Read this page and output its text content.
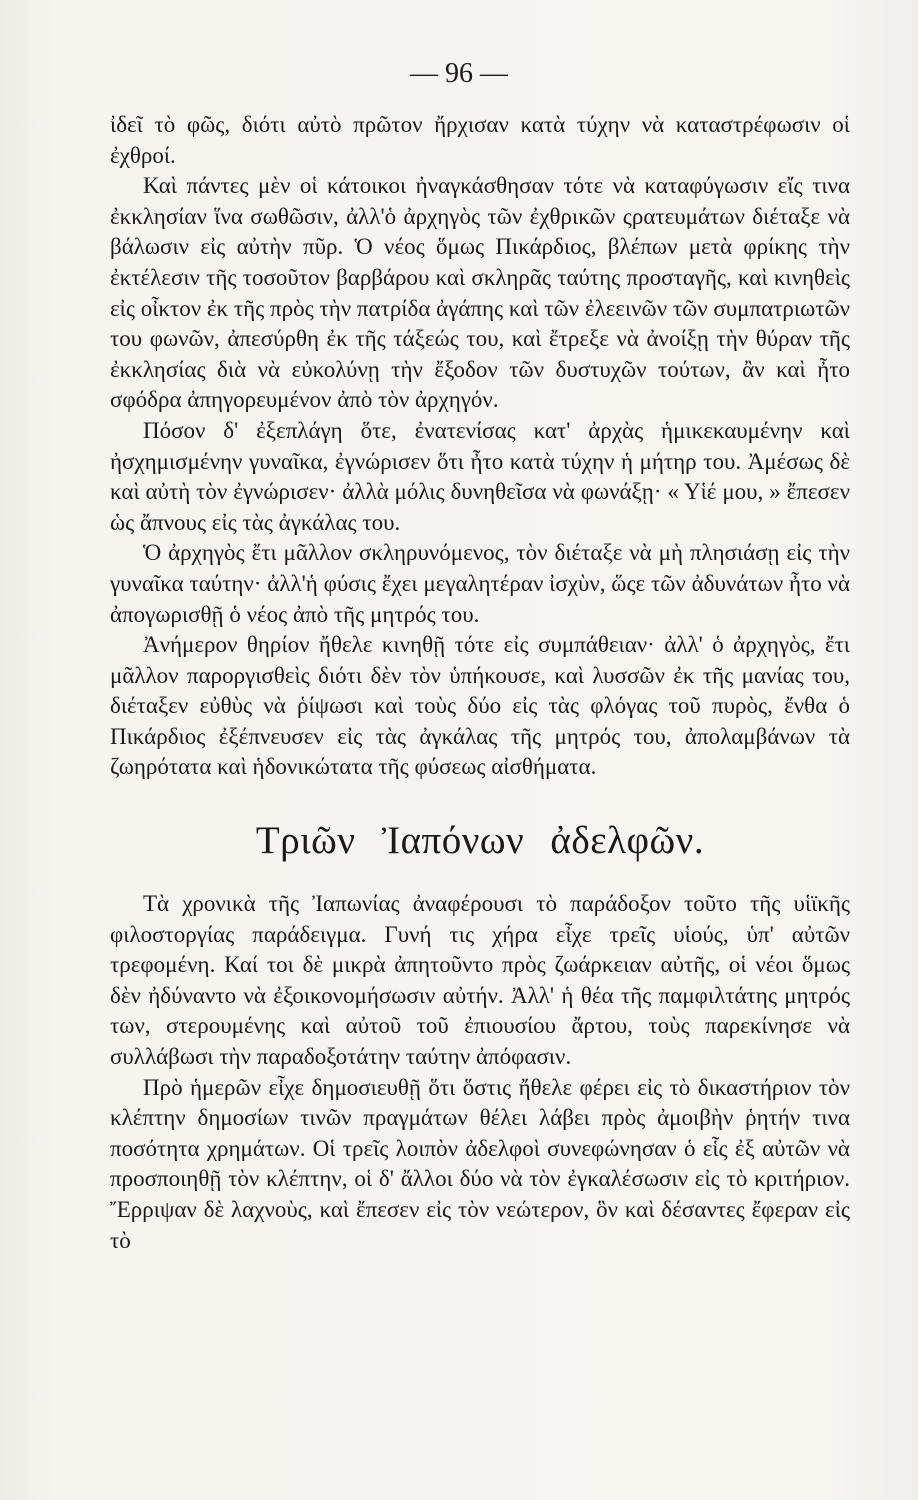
— 96 —

ἰδεῖ τὸ φῶς, διότι αὐτὸ πρῶτον ἤρχισαν κατὰ τύχην νὰ καταστρέφωσιν οἱ ἐχθροί.

Καὶ πάντες μὲν οἱ κάτοικοι ἠναγκάσθησαν τότε νὰ καταφύγωσιν εἴς τινα ἐκκλησίαν ἵνα σωθῶσιν, ἀλλ'ὁ ἀρχηγὸς τῶν ἐχθρικῶν ςρατευμάτων διέταξε νὰ βάλωσιν εἰς αὐτὴν πῦρ. Ὁ νέος ὅμως Πικάρδιος, βλέπων μετὰ φρίκης τὴν ἐκτέλεσιν τῆς τοσοῦτον βαρβάρου καὶ σκληρᾶς ταύτης προσταγῆς, καὶ κινηθεὶς εἰς οἶκτον ἐκ τῆς πρὸς τὴν πατρίδα ἀγάπης καὶ τῶν ἐλεεινῶν τῶν συμπατριωτῶν του φωνῶν, ἀπεσύρθη ἐκ τῆς τάξεώς του, καὶ ἔτρεξε νὰ ἀνοίξῃ τὴν θύραν τῆς ἐκκλησίας διὰ νὰ εὐκολύνῃ τὴν ἔξοδον τῶν δυστυχῶν τούτων, ἂν καὶ ἦτο σφόδρα ἀπηγορευμένον ἀπὸ τὸν ἀρχηγόν.

Πόσον δ' ἐξεπλάγη ὅτε, ἐνατενίσας κατ' ἀρχὰς ἡμικεκαυμένην καὶ ἠσχημισμένην γυναῖκα, ἐγνώρισεν ὅτι ἦτο κατὰ τύχην ἡ μήτηρ του. Ἀμέσως δὲ καὶ αὐτὴ τὸν ἐγνώρισεν· ἀλλὰ μόλις δυνηθεῖσα νὰ φωνάξῃ· « Υἱέ μου, » ἔπεσεν ὡς ἄπνους εἰς τὰς ἀγκάλας του.

Ὁ ἀρχηγὸς ἔτι μᾶλλον σκληρυνόμενος, τὸν διέταξε νὰ μὴ πλησιάσῃ εἰς τὴν γυναῖκα ταύτην· ἀλλ'ἡ φύσις ἔχει μεγαλητέραν ἰσχὺν, ὥςε τῶν ἀδυνάτων ἦτο νὰ ἀπογωρισθῇ ὁ νέος ἀπὸ τῆς μητρός του.

Ἀνήμερον θηρίον ἤθελε κινηθῇ τότε εἰς συμπάθειαν· ἀλλ' ὁ ἀρχηγὸς, ἔτι μᾶλλον παροργισθεὶς διότι δὲν τὸν ὑπήκουσε, καὶ λυσσῶν ἐκ τῆς μανίας του, διέταξεν εὐθὺς νὰ ῥίψωσι καὶ τοὺς δύο εἰς τὰς φλόγας τοῦ πυρὸς, ἔνθα ὁ Πικάρδιος ἐξέπνευσεν εἰς τὰς ἀγκάλας τῆς μητρός του, ἀπολαμβάνων τὰ ζωηρότατα καὶ ἡδονικώτατα τῆς φύσεως αἰσθήματα.

Τριῶν Ἰαπόνων ἀδελφῶν.

Τὰ χρονικὰ τῆς Ἰαπωνίας ἀναφέρουσι τὸ παράδοξον τοῦτο τῆς υἱϊκῆς φιλοστοργίας παράδειγμα. Γυνή τις χήρα εἶχε τρεῖς υἱούς, ὑπ' αὐτῶν τρεφομένη. Καί τοι δὲ μικρὰ ἀπητοῦντο πρὸς ζωάρκειαν αὐτῆς, οἱ νέοι ὅμως δὲν ἠδύναντο νὰ ἐξοικονομήσωσιν αὐτήν. Ἀλλ' ἡ θέα τῆς παμφιλτάτης μητρός των, στερουμένης καὶ αὐτοῦ τοῦ ἐπιουσίου ἄρτου, τοὺς παρεκίνησε νὰ συλλάβωσι τὴν παραδοξοτάτην ταύτην ἀπόφασιν.

Πρὸ ἡμερῶν εἶχε δημοσιευθῇ ὅτι ὅστις ἤθελε φέρει εἰς τὸ δικαστήριον τὸν κλέπτην δημοσίων τινῶν πραγμάτων θέλει λάβει πρὸς ἀμοιβὴν ῥητήν τινα ποσότητα χρημάτων. Οἱ τρεῖς λοιπὸν ἀδελφοὶ συνεφώνησαν ὁ εἷς ἐξ αὐτῶν νὰ προσποιηθῇ τὸν κλέπτην, οἱ δ' ἄλλοι δύο νὰ τὸν ἐγκαλέσωσιν εἰς τὸ κριτήριον. Ἔρριψαν δὲ λαχνοὺς, καὶ ἔπεσεν εἰς τὸν νεώτερον, ὃν καὶ δέσαντες ἔφεραν εἰς τὸ
